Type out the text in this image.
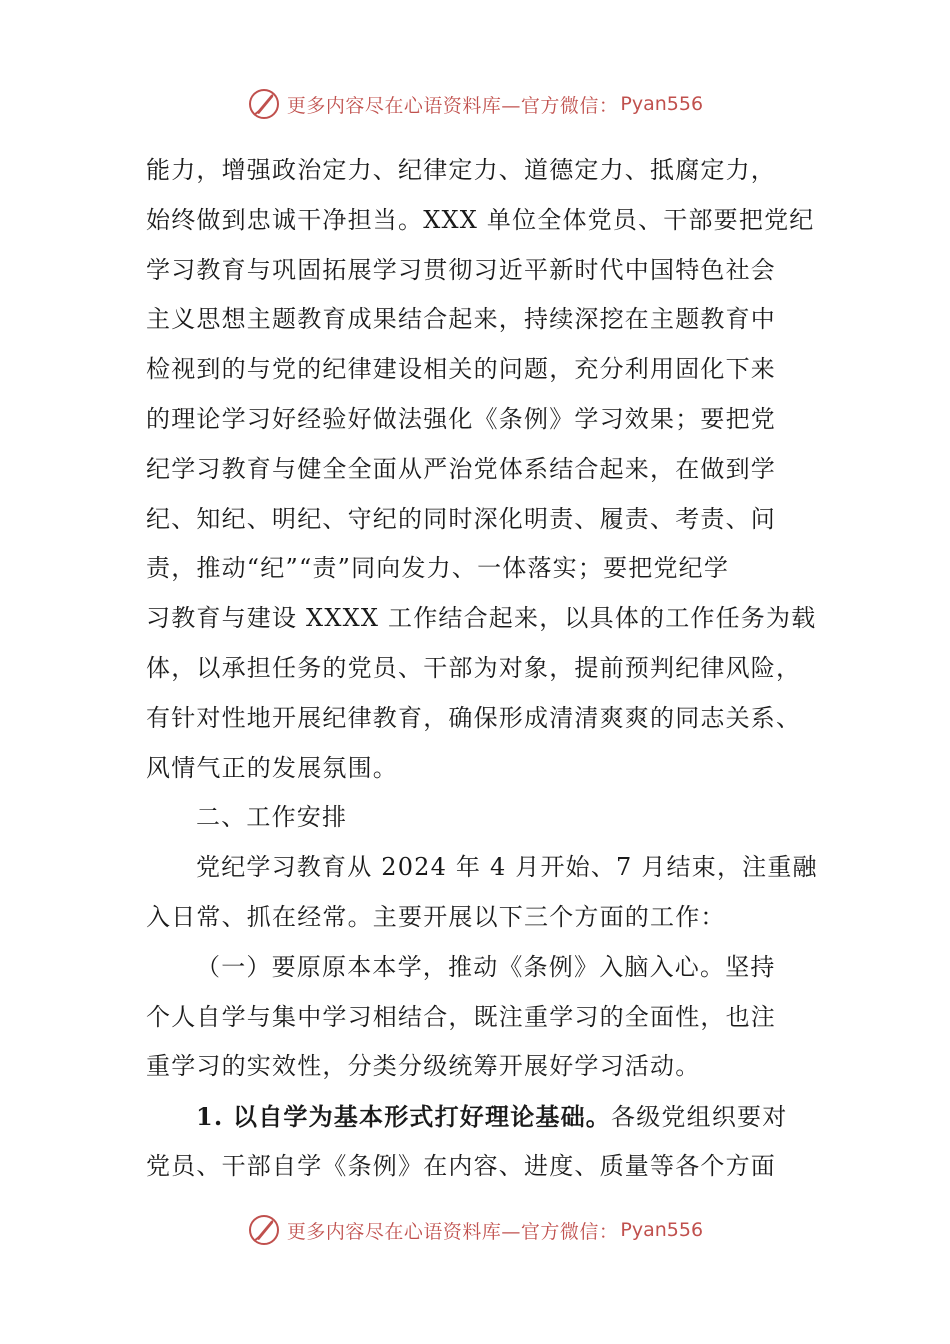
更多内容尽在心语资料库—官方微信： Pyan556
能力，增强政治定力、纪律定力、道德定力、抵腐定力，
始终做到忠诚干净担当。XXX 单位全体党员、干部要把党纪
学习教育与巩固拓展学习贯彻习近平新时代中国特色社会
主义思想主题教育成果结合起来，持续深挖在主题教育中
检视到的与党的纪律建设相关的问题，充分利用固化下来
的理论学习好经验好做法强化《条例》学习效果；要把党
纪学习教育与健全全面从严治党体系结合起来，在做到学
纪、知纪、明纪、守纪的同时深化明责、履责、考责、问
责，推动“纪”“责”同向发力、一体落实；要把党纪学
习教育与建设 XXXX 工作结合起来，以具体的工作任务为载
体，以承担任务的党员、干部为对象，提前预判纪律风险，
有针对性地开展纪律教育，确保形成清清爽爽的同志关系、
风情气正的发展氛围。
二、工作安排
党纪学习教育从 2024 年 4 月开始、7 月结束，注重融
入日常、抓在经常。主要开展以下三个方面的工作：
（一）要原原本本学，推动《条例》入脑入心。坚持
个人自学与集中学习相结合，既注重学习的全面性，也注
重学习的实效性，分类分级统筹开展好学习活动。
1. 以自学为基本形式打好理论基础。各级党组织要对
党员、干部自学《条例》在内容、进度、质量等各个方面
更多内容尽在心语资料库—官方微信： Pyan556
